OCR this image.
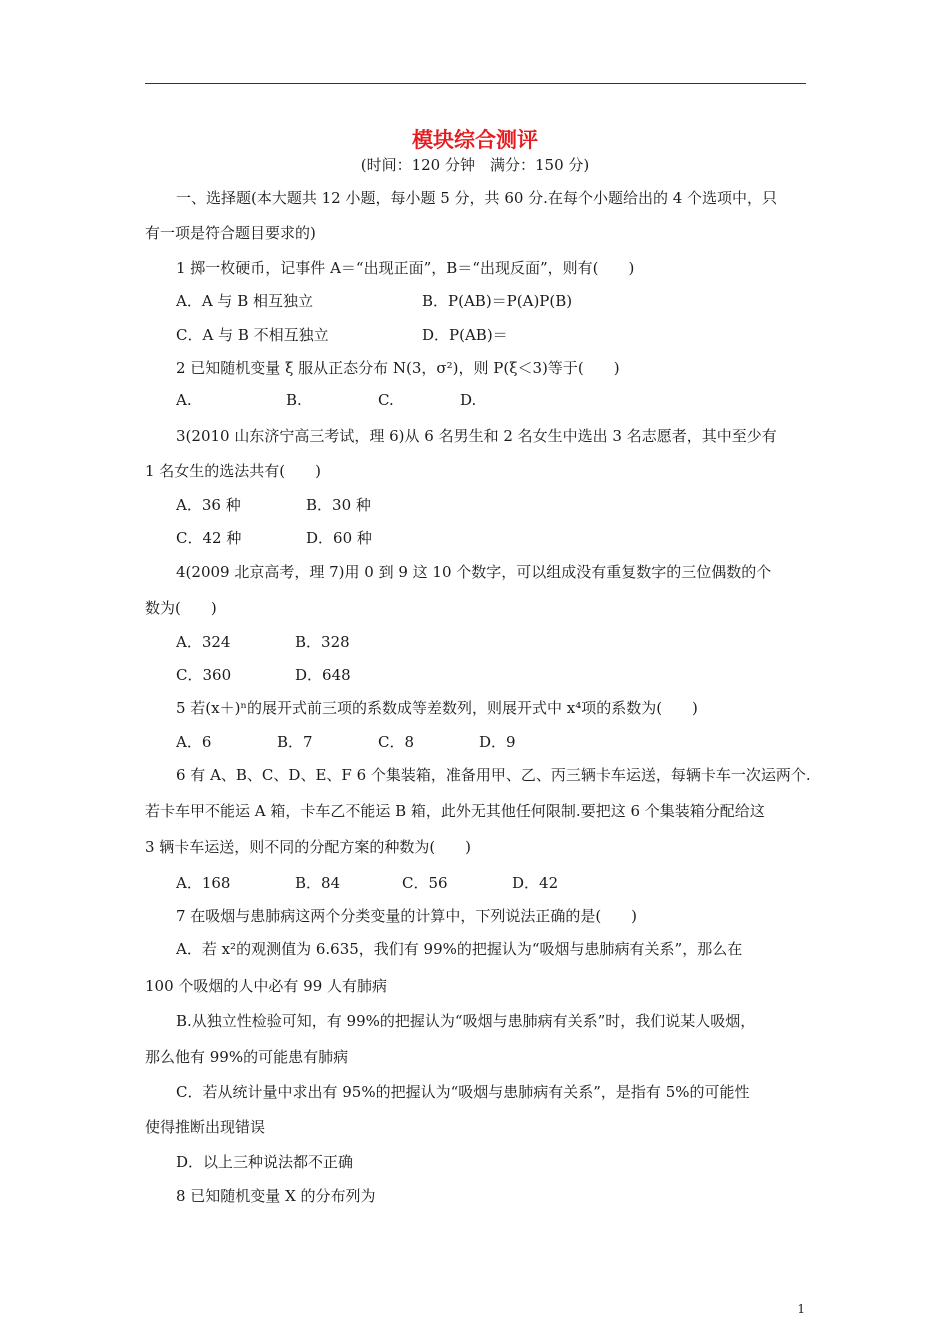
模块综合测评
(时间：120 分钟　满分：150 分)
一、选择题(本大题共 12 小题，每小题 5 分，共 60 分.在每个小题给出的 4 个选项中，只
有一项是符合题目要求的)
1 掷一枚硬币，记事件 A＝“出现正面”，B＝“出现反面”，则有(　　)
A．A 与 B 相互独立	B．P(AB)＝P(A)P(B)
C．A 与 B 不相互独立	D．P(AB)＝
2 已知随机变量 ξ 服从正态分布 N(3，σ²)，则 P(ξ＜3)等于(　　)
A.	B.	C.	D.
3(2010 山东济宁高三考试，理 6)从 6 名男生和 2 名女生中选出 3 名志愿者，其中至少有
1 名女生的选法共有(　　)
A．36 种	B．30 种
C．42 种	D．60 种
4(2009 北京高考，理 7)用 0 到 9 这 10 个数字，可以组成没有重复数字的三位偶数的个
数为(　　)
A．324	B．328
C．360	D．648
5 若(x＋)ⁿ的展开式前三项的系数成等差数列，则展开式中 x⁴项的系数为(　　)
A．6	B．7	C．8	D．9
6 有 A、B、C、D、E、F 6 个集装箱，准备用甲、乙、丙三辆卡车运送，每辆卡车一次运两个.
若卡车甲不能运 A 箱，卡车乙不能运 B 箱，此外无其他任何限制.要把这 6 个集装箱分配给这
3 辆卡车运送，则不同的分配方案的种数为(　　)
A．168	B．84	C．56	D．42
7 在吸烟与患肺病这两个分类变量的计算中，下列说法正确的是(　　)
A．若 x²的观测值为 6.635，我们有 99%的把握认为“吸烟与患肺病有关系”，那么在
100 个吸烟的人中必有 99 人有肺病
B.从独立性检验可知，有 99%的把握认为“吸烟与患肺病有关系”时，我们说某人吸烟，
那么他有 99%的可能患有肺病
C．若从统计量中求出有 95%的把握认为“吸烟与患肺病有关系”，是指有 5%的可能性
使得推断出现错误
D．以上三种说法都不正确
8 已知随机变量 X 的分布列为
1
